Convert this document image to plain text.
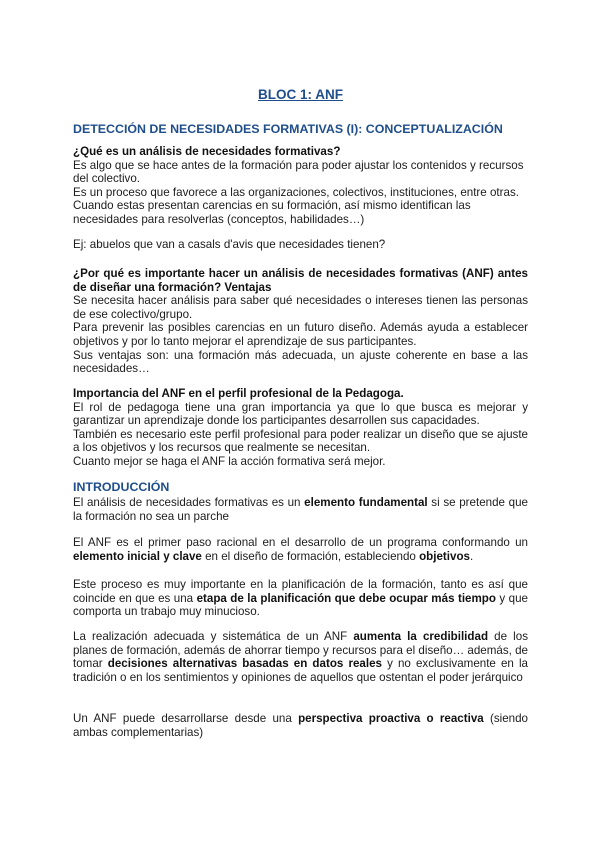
BLOC 1: ANF
DETECCIÓN DE NECESIDADES FORMATIVAS (I): CONCEPTUALIZACIÓN

¿Qué es un análisis de necesidades formativas?

Es algo que se hace antes de la formación para poder ajustar los contenidos y recursos del colectivo.

Es un proceso que favorece a las organizaciones, colectivos, instituciones, entre otras. Cuando estas presentan carencias en su formación, así mismo identifican las necesidades para resolverlas (conceptos, habilidades…)

Ej: abuelos que van a casals d'avis que necesidades tienen?

¿Por qué es importante hacer un análisis de necesidades formativas (ANF) antes de diseñar una formación? Ventajas

Se necesita hacer análisis para saber qué necesidades o intereses tienen las personas de ese colectivo/grupo.

Para prevenir las posibles carencias en un futuro diseño. Además ayuda a establecer objetivos y por lo tanto mejorar el aprendizaje de sus participantes.

Sus ventajas son: una formación más adecuada, un ajuste coherente en base a las necesidades…

Importancia del ANF en el perfil profesional de la Pedagoga.

El rol de pedagoga tiene una gran importancia ya que lo que busca es mejorar y garantizar un aprendizaje donde los participantes desarrollen sus capacidades.

También es necesario este perfil profesional para poder realizar un diseño que se ajuste a los objetivos y los recursos que realmente se necesitan.

Cuanto mejor se haga el ANF la acción formativa será mejor.

INTRODUCCIÓN

El análisis de necesidades formativas es un elemento fundamental si se pretende que la formación no sea un parche

El ANF es el primer paso racional en el desarrollo de un programa conformando un elemento inicial y clave en el diseño de formación, estableciendo objetivos.

Este proceso es muy importante en la planificación de la formación, tanto es así que coincide en que es una etapa de la planificación que debe ocupar más tiempo y que comporta un trabajo muy minucioso.

La realización adecuada y sistemática de un ANF aumenta la credibilidad de los planes de formación, además de ahorrar tiempo y recursos para el diseño… además, de tomar decisiones alternativas basadas en datos reales y no exclusivamente en la tradición o en los sentimientos y opiniones de aquellos que ostentan el poder jerárquico

Un ANF puede desarrollarse desde una perspectiva proactiva o reactiva (siendo ambas complementarias)
